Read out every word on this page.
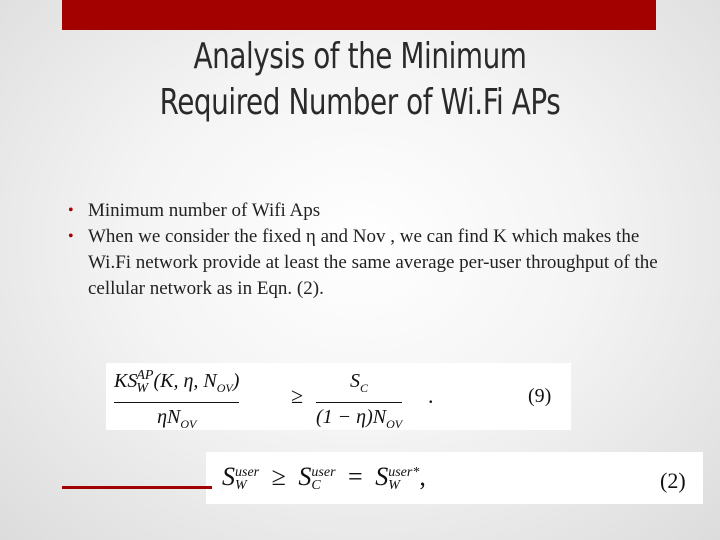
Analysis of the Minimum
Required Number of Wi.Fi APs
• Minimum number of Wifi Aps
• When we consider the fixed η and Nov , we can find K which makes the Wi.Fi network provide at least the same average per-user throughput of the cellular network as in Eqn. (2).
KS AP
W (K, η, $N_{OV}$)
$\eta N_{OV}$
≥
$S_C$
$(1 - \eta)N_{OV}$
.	(9)
S user
W ≥ S user
C	= S user*
W ,	(2)
